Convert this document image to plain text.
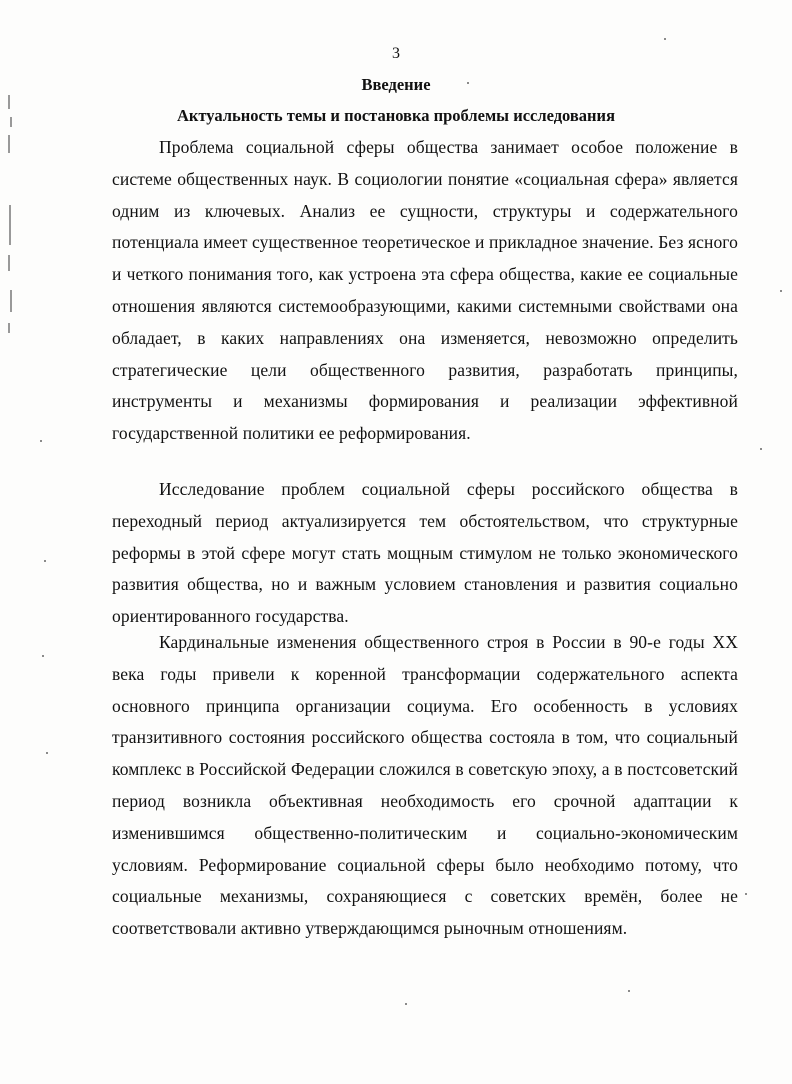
3
Введение
Актуальность темы и постановка проблемы исследования

Проблема социальной сферы общества занимает особое положение в системе общественных наук. В социологии понятие «социальная сфера» является одним из ключевых. Анализ ее сущности, структуры и содержательного потенциала имеет существенное теоретическое и прикладное значение. Без ясного и четкого понимания того, как устроена эта сфера общества, какие ее социальные отношения являются системообразующими, какими системными свойствами она обладает, в каких направлениях она изменяется, невозможно определить стратегические цели общественного развития, разработать принципы, инструменты и механизмы формирования и реализации эффективной государственной политики ее реформирования.

Исследование проблем социальной сферы российского общества в переходный период актуализируется тем обстоятельством, что структурные реформы в этой сфере могут стать мощным стимулом не только экономического развития общества, но и важным условием становления и развития социально ориентированного государства.

Кардинальные изменения общественного строя в России в 90-е годы XX века годы привели к коренной трансформации содержательного аспекта основного принципа организации социума. Его особенность в условиях транзитивного состояния российского общества состояла в том, что социальный комплекс в Российской Федерации сложился в советскую эпоху, а в постсоветский период возникла объективная необходимость его срочной адаптации к изменившимся общественно-политическим и социально-экономическим условиям. Реформирование социальной сферы было необходимо потому, что социальные механизмы, сохраняющиеся с советских времён, более не соответствовали активно утверждающимся рыночным отношениям.
